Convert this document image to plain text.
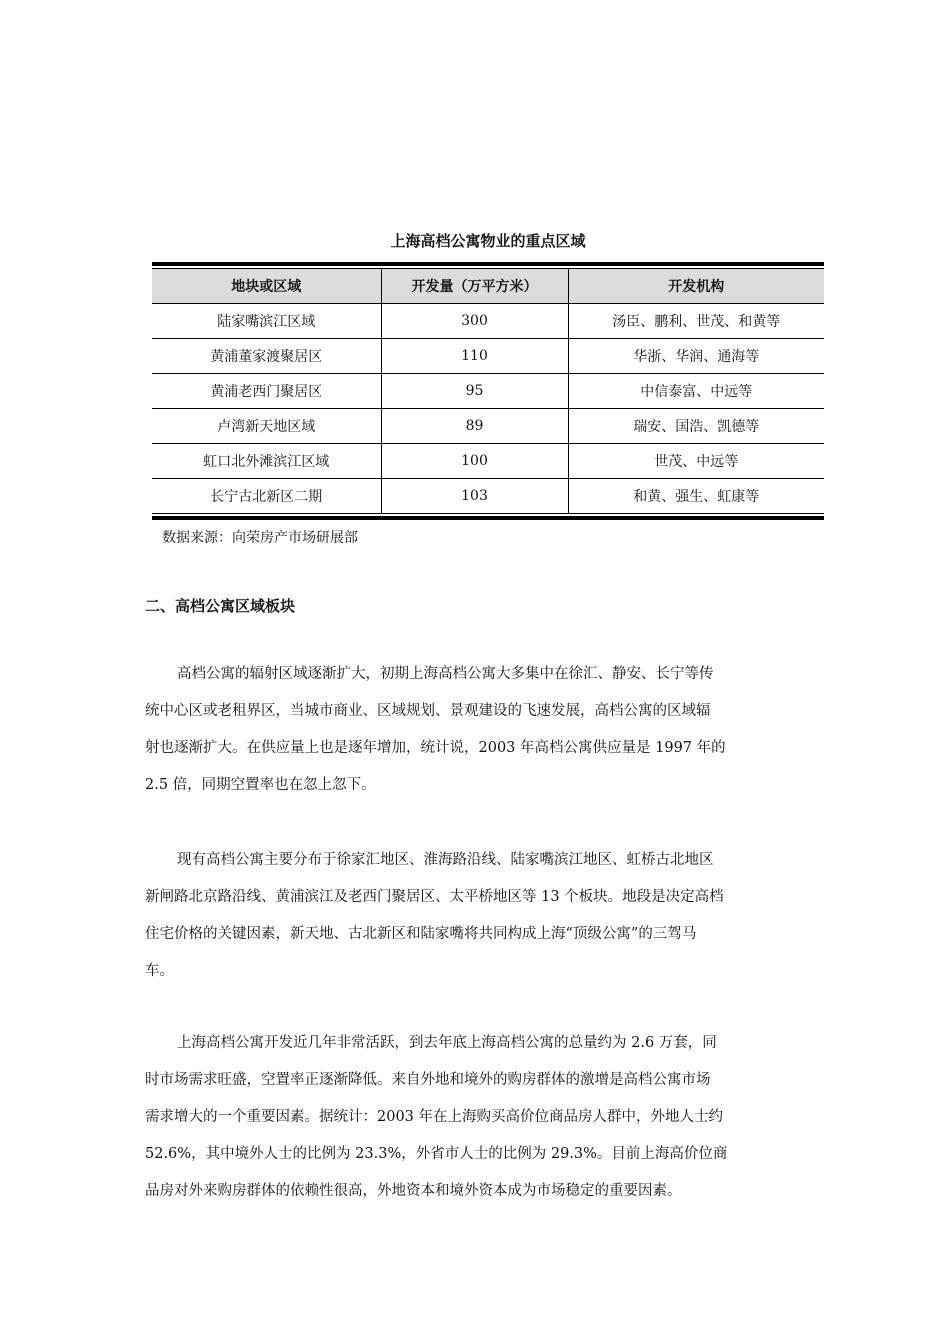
上海高档公寓物业的重点区域
地块或区域	开发量（万平方米）	开发机构
陆家嘴滨江区域	300	汤臣、鹏利、世茂、和黄等
黄浦董家渡聚居区	110	华浙、华润、通海等
黄浦老西门聚居区	95	中信泰富、中远等
卢湾新天地区域	89	瑞安、国浩、凯德等
虹口北外滩滨江区域	100	世茂、中远等
长宁古北新区二期	103	和黄、强生、虹康等
数据来源：向荣房产市场研展部
二、高档公寓区域板块
高档公寓的辐射区域逐渐扩大，初期上海高档公寓大多集中在徐汇、静安、长宁等传
统中心区或老租界区，当城市商业、区域规划、景观建设的飞速发展，高档公寓的区域辐
射也逐渐扩大。在供应量上也是逐年增加，统计说，2003 年高档公寓供应量是 1997 年的
2.5 倍，同期空置率也在忽上忽下。
现有高档公寓主要分布于徐家汇地区、淮海路沿线、陆家嘴滨江地区、虹桥古北地区
新闸路北京路沿线、黄浦滨江及老西门聚居区、太平桥地区等 13 个板块。地段是决定高档
住宅价格的关键因素，新天地、古北新区和陆家嘴将共同构成上海“顶级公寓”的三驾马
车。
上海高档公寓开发近几年非常活跃，到去年底上海高档公寓的总量约为 2.6 万套，同
时市场需求旺盛，空置率正逐渐降低。来自外地和境外的购房群体的激增是高档公寓市场
需求增大的一个重要因素。据统计：2003 年在上海购买高价位商品房人群中，外地人士约
52.6%，其中境外人士的比例为 23.3%，外省市人士的比例为 29.3%。目前上海高价位商
品房对外来购房群体的依赖性很高，外地资本和境外资本成为市场稳定的重要因素。
